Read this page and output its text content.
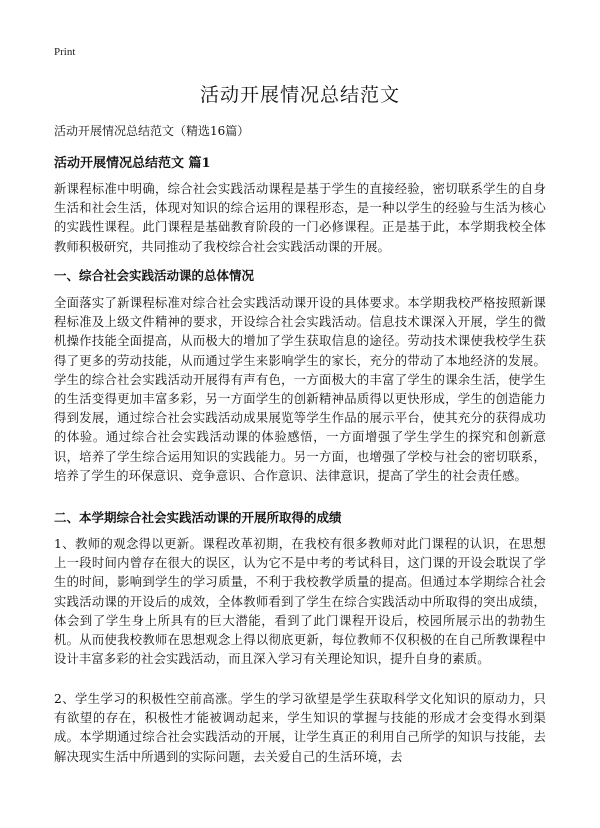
Print
活动开展情况总结范文
活动开展情况总结范文（精选16篇）
活动开展情况总结范文 篇1

新课程标准中明确，综合社会实践活动课程是基于学生的直接经验，密切联系学生的自身生活和社会生活，体现对知识的综合运用的课程形态，是一种以学生的经验与生活为核心的实践性课程。此门课程是基础教育阶段的一门必修课程。正是基于此，本学期我校全体教师积极研究，共同推动了我校综合社会实践活动课的开展。

一、综合社会实践活动课的总体情况

全面落实了新课程标准对综合社会实践活动课开设的具体要求。本学期我校严格按照新课程标准及上级文件精神的要求，开设综合社会实践活动。信息技术课深入开展，学生的微机操作技能全面提高，从而极大的增加了学生获取信息的途径。劳动技术课使我校学生获得了更多的劳动技能，从而通过学生来影响学生的家长，充分的带动了本地经济的发展。学生的综合社会实践活动开展得有声有色，一方面极大的丰富了学生的课余生活，使学生的生活变得更加丰富多彩，另一方面学生的创新精神品质得以更快形成，学生的创造能力得到发展，通过综合社会实践活动成果展览等学生作品的展示平台，使其充分的获得成功的体验。通过综合社会实践活动课的体验感悟，一方面增强了学生学生的探究和创新意识，培养了学生综合运用知识的实践能力。另一方面，也增强了学校与社会的密切联系，培养了学生的环保意识、竞争意识、合作意识、法律意识，提高了学生的社会责任感。

二、本学期综合社会实践活动课的开展所取得的成绩

1、教师的观念得以更新。课程改革初期，在我校有很多教师对此门课程的认识，在思想上一段时间内曾存在很大的误区，认为它不是中考的考试科目，这门课的开设会耽误了学生的时间，影响到学生的学习质量，不利于我校教学质量的提高。但通过本学期综合社会实践活动课的开设后的成效，全体教师看到了学生在综合实践活动中所取得的突出成绩，体会到了学生身上所具有的巨大潜能，看到了此门课程开设后，校园所展示出的勃勃生机。从而使我校教师在思想观念上得以彻底更新，每位教师不仅积极的在自己所教课程中设计丰富多彩的社会实践活动，而且深入学习有关理论知识，提升自身的素质。

2、学生学习的积极性空前高涨。学生的学习欲望是学生获取科学文化知识的原动力，只有欲望的存在，积极性才能被调动起来，学生知识的掌握与技能的形成才会变得水到渠成。本学期通过综合社会实践活动的开展，让学生真正的利用自己所学的知识与技能，去解决现实生活中所遇到的实际问题，去关爱自己的生活环境，去
